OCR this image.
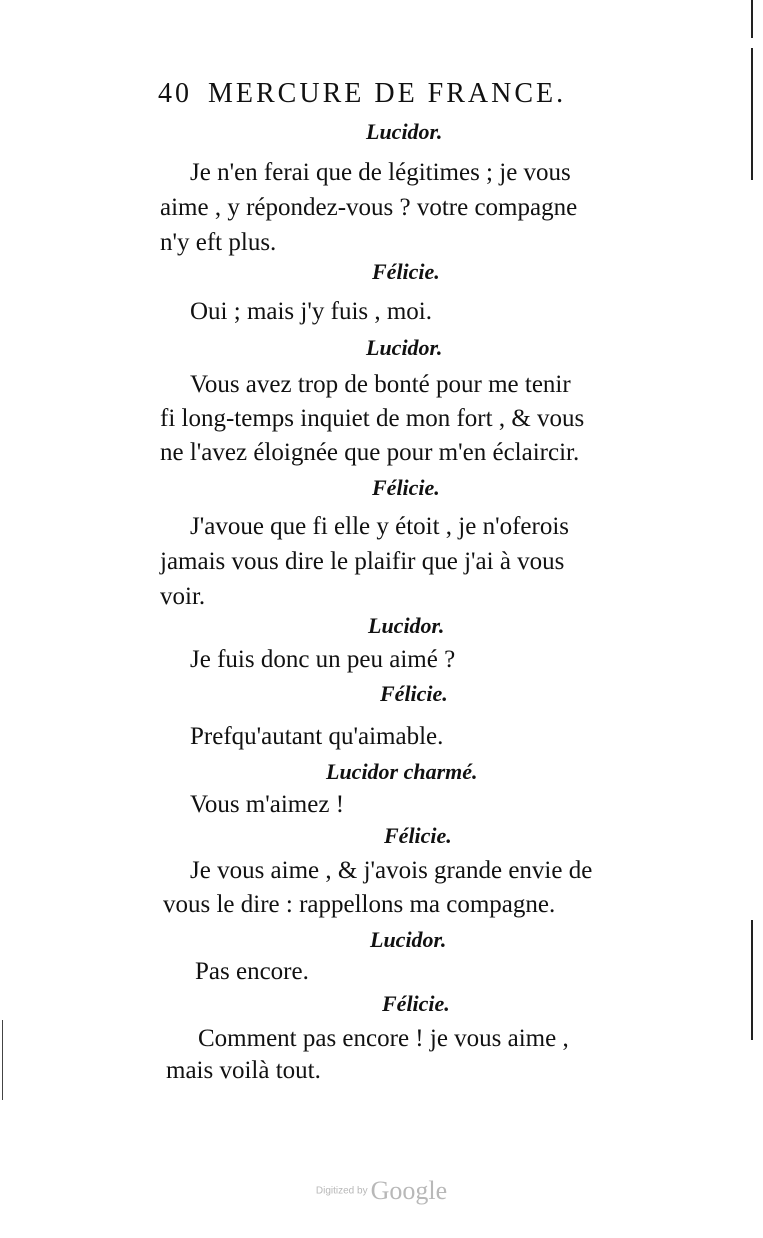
40 MERCURE DE FRANCE.
Lucidor.
Je n'en ferai que de légitimes ; je vous
aime , y répondez-vous ? votre compagne
n'y eft plus.
Félicie.
Oui ; mais j'y fuis , moi.
Lucidor.
Vous avez trop de bonté pour me tenir
fi long-temps inquiet de mon fort , & vous
ne l'avez éloignée que pour m'en éclaircir.
Félicie.
J'avoue que fi elle y étoit , je n'oferois
jamais vous dire le plaifir que j'ai à vous
voir.
Lucidor.
Je fuis donc un peu aimé ?
Félicie.
Prefqu'autant qu'aimable.
Lucidor charmé.
Vous m'aimez !
Félicie.
Je vous aime , & j'avois grande envie de
vous le dire : rappellons ma compagne.
Lucidor.
Pas encore.
Félicie.
Comment pas encore ! je vous aime ,
mais voilà tout.
Digitized by Google
